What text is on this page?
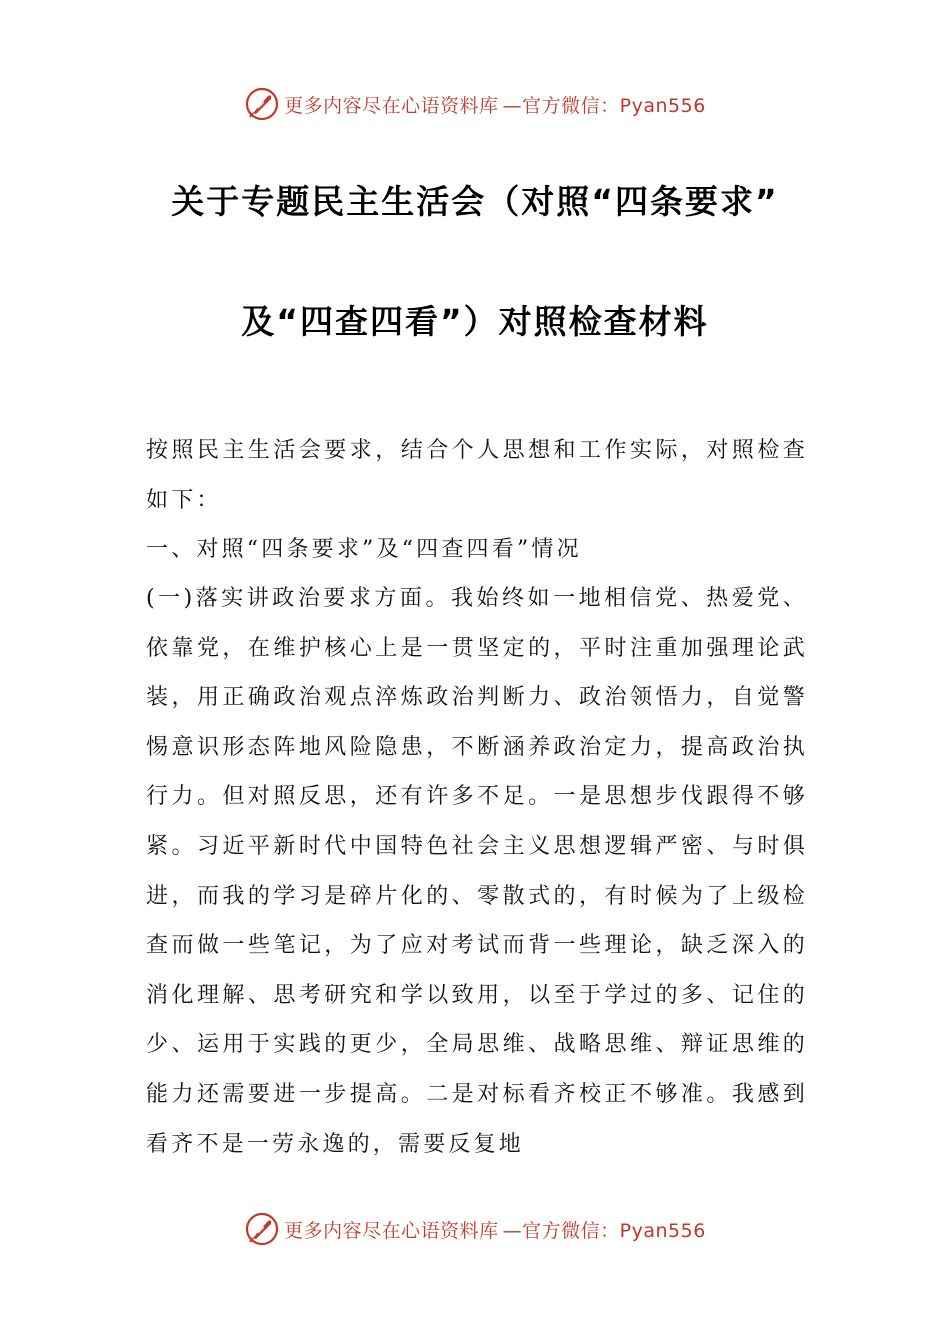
更多内容尽在心语资料库 —官方微信：Pyan556
关于专题民主生活会（对照“四条要求”
及“四查四看”）对照检查材料

按照民主生活会要求，结合个人思想和工作实际，对照检查如下：

一、对照“四条要求”及“四查四看”情况

(一)落实讲政治要求方面。我始终如一地相信党、热爱党、依靠党，在维护核心上是一贯坚定的，平时注重加强理论武装，用正确政治观点淬炼政治判断力、政治领悟力，自觉警惕意识形态阵地风险隐患，不断涵养政治定力，提高政治执行力。但对照反思，还有许多不足。一是思想步伐跟得不够紧。习近平新时代中国特色社会主义思想逻辑严密、与时俱进，而我的学习是碎片化的、零散式的，有时候为了上级检查而做一些笔记，为了应对考试而背一些理论，缺乏深入的消化理解、思考研究和学以致用，以至于学过的多、记住的少、运用于实践的更少，全局思维、战略思维、辩证思维的能力还需要进一步提高。二是对标看齐校正不够准。我感到看齐不是一劳永逸的，需要反复地

更多内容尽在心语资料库 —官方微信：Pyan556
